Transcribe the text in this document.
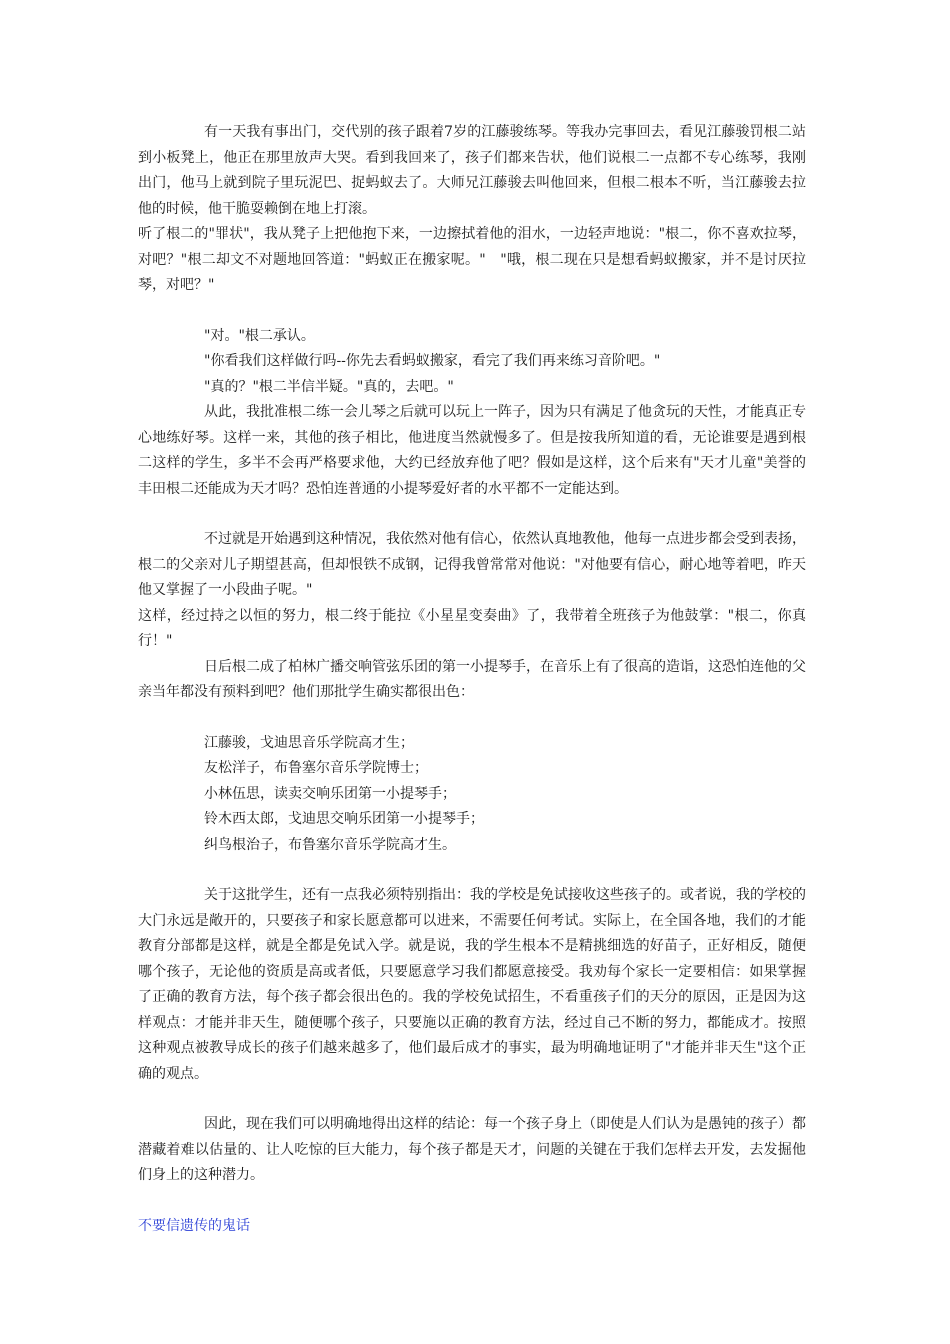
有一天我有事出门，交代别的孩子跟着7岁的江藤骏练琴。等我办完事回去，看见江藤骏罚根二站到小板凳上，他正在那里放声大哭。看到我回来了，孩子们都来告状，他们说根二一点都不专心练琴，我刚出门，他马上就到院子里玩泥巴、捉蚂蚁去了。大师兄江藤骏去叫他回来，但根二根本不听，当江藤骏去拉他的时候，他干脆耍赖倒在地上打滚。

听了根二的"罪状"，我从凳子上把他抱下来，一边擦拭着他的泪水，一边轻声地说："根二，你不喜欢拉琴，对吧？"根二却文不对题地回答道："蚂蚁正在搬家呢。"　"哦，根二现在只是想看蚂蚁搬家，并不是讨厌拉琴，对吧？"

"对。"根二承认。

"你看我们这样做行吗--你先去看蚂蚁搬家，看完了我们再来练习音阶吧。"

"真的？"根二半信半疑。"真的，去吧。"

从此，我批准根二练一会儿琴之后就可以玩上一阵子，因为只有满足了他贪玩的天性，才能真正专心地练好琴。这样一来，其他的孩子相比，他进度当然就慢多了。但是按我所知道的看，无论谁要是遇到根二这样的学生，多半不会再严格要求他，大约已经放弃他了吧？假如是这样，这个后来有"天才儿童"美誉的丰田根二还能成为天才吗？恐怕连普通的小提琴爱好者的水平都不一定能达到。

不过就是开始遇到这种情况，我依然对他有信心，依然认真地教他，他每一点进步都会受到表扬，根二的父亲对儿子期望甚高，但却恨铁不成钢，记得我曾常常对他说："对他要有信心，耐心地等着吧，昨天他又掌握了一小段曲子呢。"

这样，经过持之以恒的努力，根二终于能拉《小星星变奏曲》了，我带着全班孩子为他鼓掌："根二，你真行！"

日后根二成了柏林广播交响管弦乐团的第一小提琴手，在音乐上有了很高的造诣，这恐怕连他的父亲当年都没有预料到吧？他们那批学生确实都很出色：

江藤骏，戈迪思音乐学院高才生；

友松洋子，布鲁塞尔音乐学院博士；

小林伍思，读卖交响乐团第一小提琴手；

铃木西太郎，戈迪思交响乐团第一小提琴手；

纠鸟根治子，布鲁塞尔音乐学院高才生。

关于这批学生，还有一点我必须特别指出：我的学校是免试接收这些孩子的。或者说，我的学校的大门永远是敞开的，只要孩子和家长愿意都可以进来，不需要任何考试。实际上，在全国各地，我们的才能教育分部都是这样，就是全都是免试入学。就是说，我的学生根本不是精挑细选的好苗子，正好相反，随便哪个孩子，无论他的资质是高或者低，只要愿意学习我们都愿意接受。我劝每个家长一定要相信：如果掌握了正确的教育方法，每个孩子都会很出色的。我的学校免试招生，不看重孩子们的天分的原因，正是因为这样观点：才能并非天生，随便哪个孩子，只要施以正确的教育方法，经过自己不断的努力，都能成才。按照这种观点被教导成长的孩子们越来越多了，他们最后成才的事实，最为明确地证明了"才能并非天生"这个正确的观点。

因此，现在我们可以明确地得出这样的结论：每一个孩子身上（即使是人们认为是愚钝的孩子）都潜藏着难以估量的、让人吃惊的巨大能力，每个孩子都是天才，问题的关键在于我们怎样去开发，去发掘他们身上的这种潜力。

不要信遗传的鬼话
